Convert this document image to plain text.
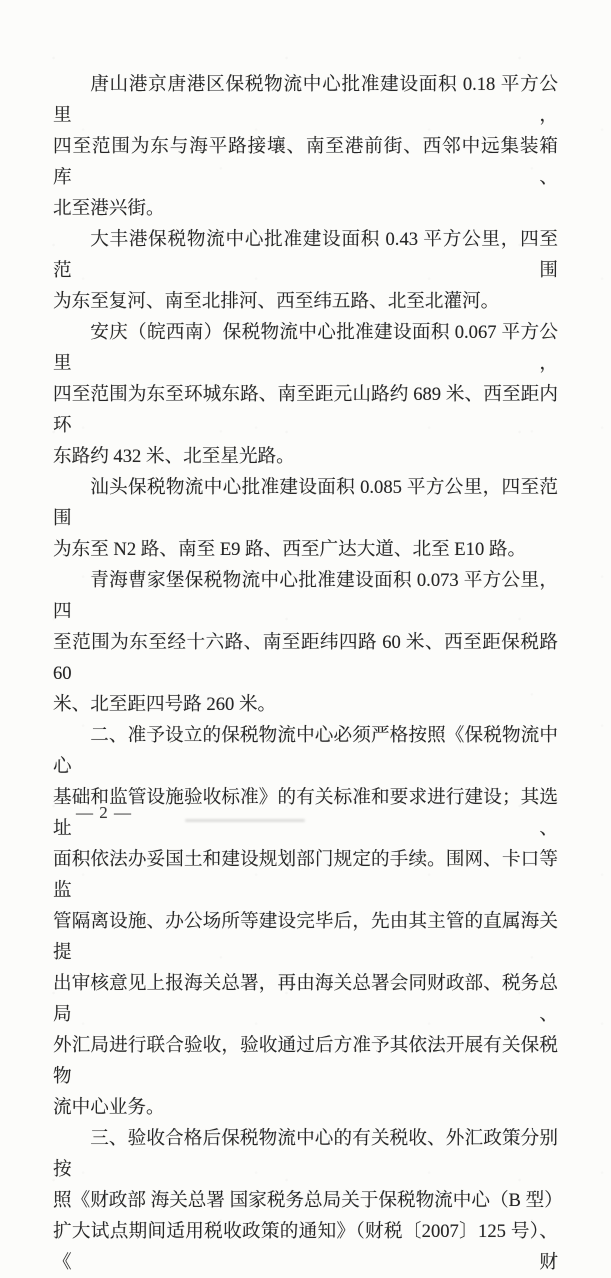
唐山港京唐港区保税物流中心批准建设面积 0.18 平方公里，
四至范围为东与海平路接壤、南至港前街、西邻中远集装箱库、
北至港兴街。

大丰港保税物流中心批准建设面积 0.43 平方公里，四至范围
为东至复河、南至北排河、西至纬五路、北至北灌河。

安庆（皖西南）保税物流中心批准建设面积 0.067 平方公里，
四至范围为东至环城东路、南至距元山路约 689 米、西至距内环
东路约 432 米、北至星光路。

汕头保税物流中心批准建设面积 0.085 平方公里，四至范围
为东至 N2 路、南至 E9 路、西至广达大道、北至 E10 路。

青海曹家堡保税物流中心批准建设面积 0.073 平方公里，四
至范围为东至经十六路、南至距纬四路 60 米、西至距保税路 60
米、北至距四号路 260 米。

二、准予设立的保税物流中心必须严格按照《保税物流中心
基础和监管设施验收标准》的有关标准和要求进行建设；其选址、
面积依法办妥国土和建设规划部门规定的手续。围网、卡口等监
管隔离设施、办公场所等建设完毕后，先由其主管的直属海关提
出审核意见上报海关总署，再由海关总署会同财政部、税务总局、
外汇局进行联合验收，验收通过后方准予其依法开展有关保税物
流中心业务。

三、验收合格后保税物流中心的有关税收、外汇政策分别按
照《财政部 海关总署 国家税务总局关于保税物流中心（B 型）
扩大试点期间适用税收政策的通知》（财税〔2007〕125 号）、《财

— 2 —
